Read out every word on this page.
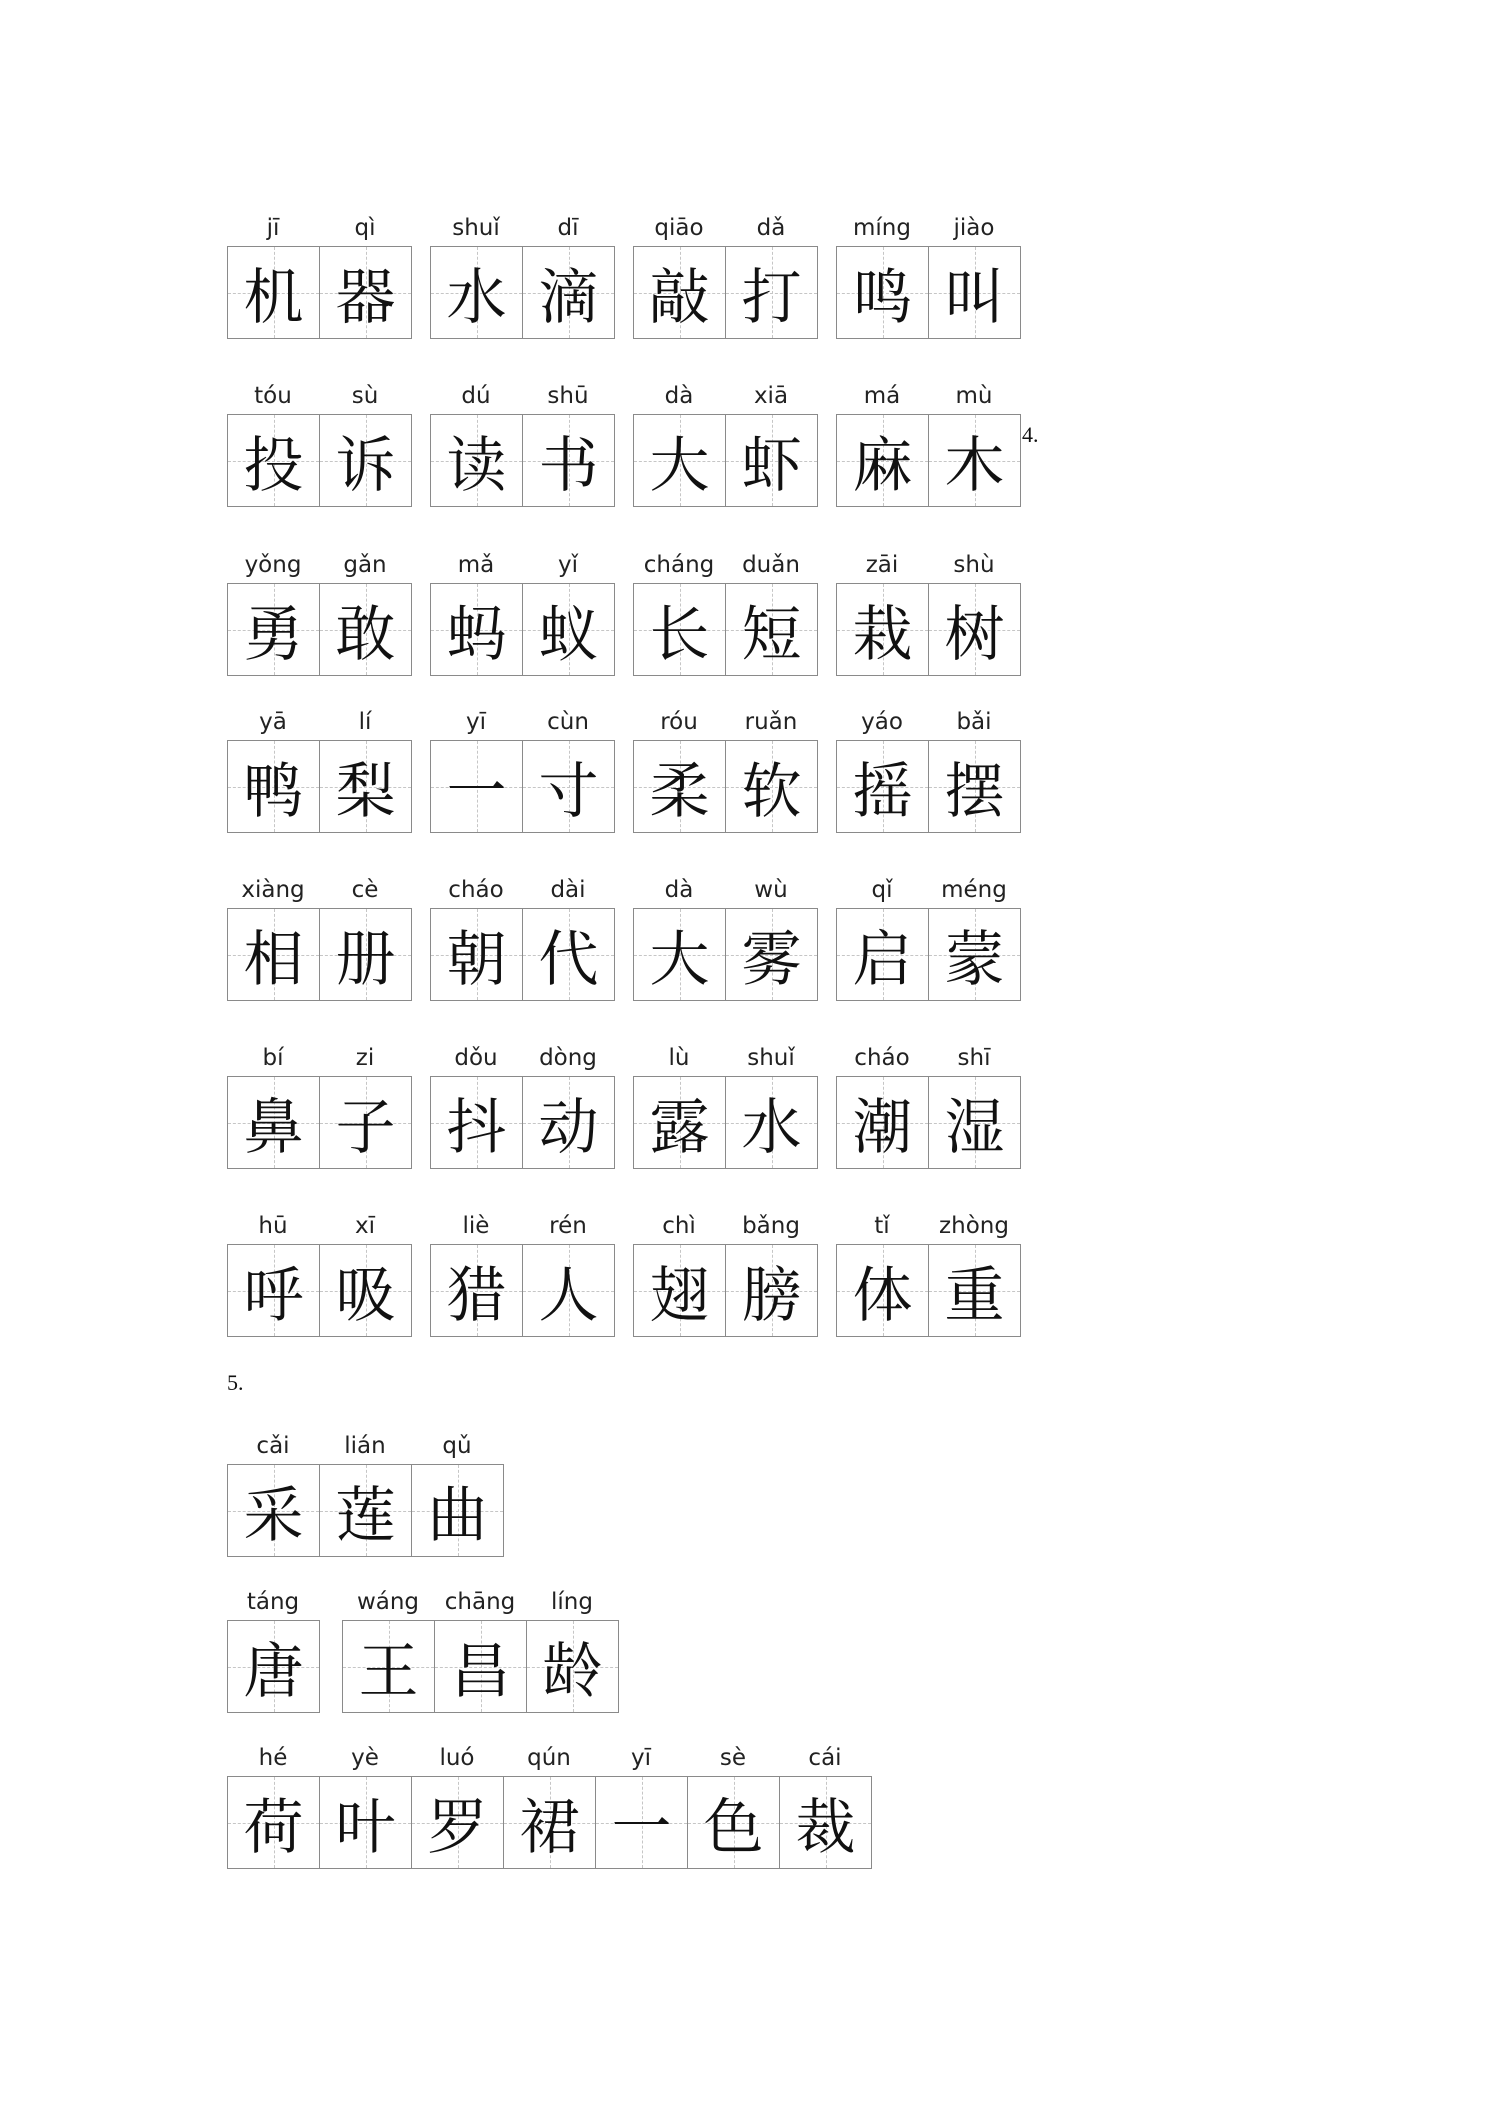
4.
5.
jī	qì
机 器
shuǐ	dī
水 滴
qiāo	dǎ
敲 打
míng	jiào
鸣 叫
tóu	sù
投 诉
dú	shū
读 书
dà	xiā
大 虾
má	mù
麻 木
yǒng	gǎn
勇 敢
mǎ	yǐ
蚂 蚁
cháng	duǎn
长 短
zāi	shù
栽 树
yā	lí
鸭 梨
yī	cùn
一 寸
róu	ruǎn
柔 软
yáo	bǎi
摇 摆
xiàng	cè
相 册
cháo	dài
朝 代
dà	wù
大 雾
qǐ	méng
启 蒙
bí	zi
鼻 子
dǒu	dòng
抖 动
lù	shuǐ
露 水
cháo	shī
潮 湿
hū	xī
呼 吸
liè	rén
猎 人
chì	bǎng
翅 膀
tǐ	zhòng
体 重
cǎi	lián	qǔ
采 莲 曲
táng
唐
wáng	chāng	líng
王 昌 龄
hé	yè	luó	qún	yī	sè	cái
荷 叶 罗 裙 一 色 裁
